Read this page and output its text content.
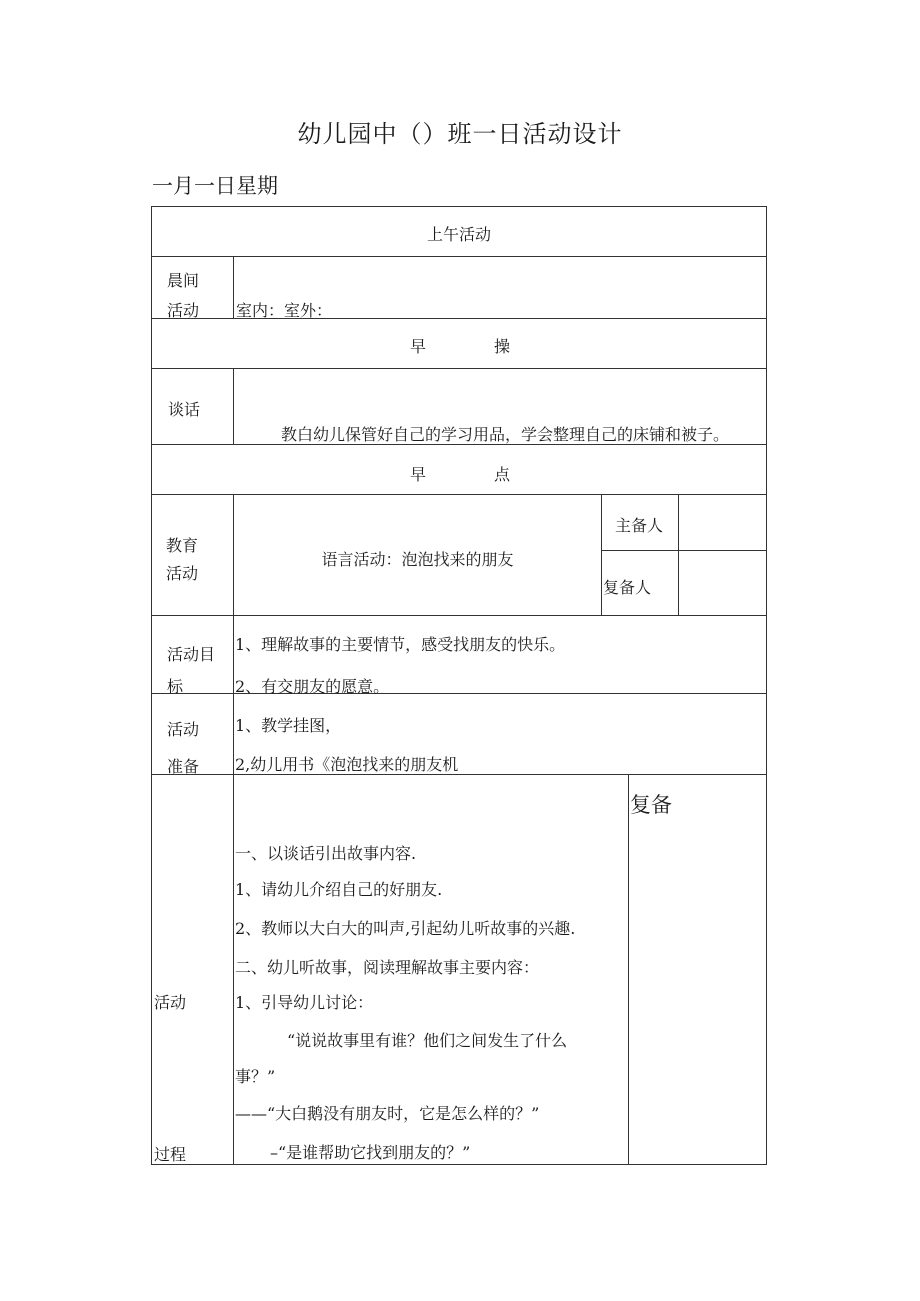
幼儿园中（）班一日活动设计
一月一日星期
上午活动
晨间
活动 室内：室外：
早	操
谈话
教白幼儿保管好自己的学习用品，学会整理自己的床铺和被子。
早	点
教育
活动
语言活动：泡泡找来的朋友
主备人
复备人
活动目
标
1、理解故事的主要情节，感受找朋友的快乐。
2、有交朋友的愿意。
活动
准备
1、教学挂图，
2,幼儿用书《泡泡找来的朋友机
活动
过程
复备
一、以谈话引出故事内容.
1、请幼儿介绍自己的好朋友.
2、教师以大白大的叫声,引起幼儿听故事的兴趣.
二、幼儿听故事，阅读理解故事主要内容：
1、引导幼儿讨论：
“说说故事里有谁？他们之间发生了什么
事？”
——“大白鹅没有朋友时，它是怎么样的？”
–“是谁帮助它找到朋友的？”
